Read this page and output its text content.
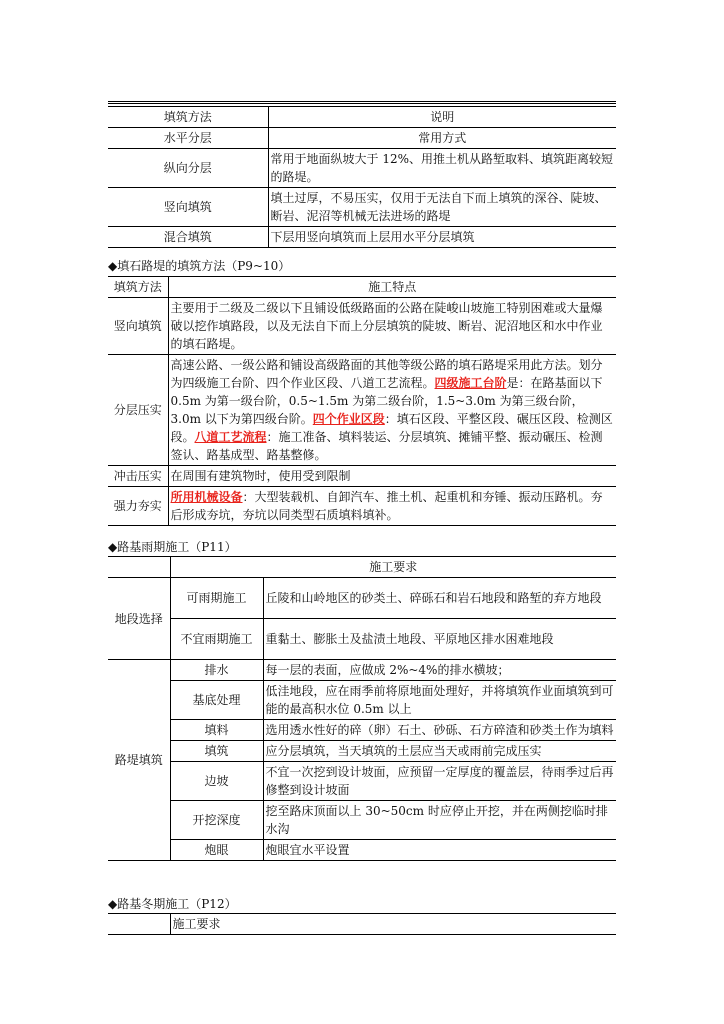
填筑方法	说明
水平分层	常用方式
纵向分层	常用于地面纵坡大于 12%、用推土机从路堑取料、填筑距离较短的路堤。
竖向填筑	填土过厚，不易压实，仅用于无法自下而上填筑的深谷、陡坡、断岩、泥沼等机械无法进场的路堤
混合填筑	下层用竖向填筑而上层用水平分层填筑
◆填石路堤的填筑方法（P9~10）
填筑方法	施工特点
竖向填筑	主要用于二级及二级以下且铺设低级路面的公路在陡峻山坡施工特别困难或大量爆破以挖作填路段，以及无法自下而上分层填筑的陡坡、断岩、泥沼地区和水中作业的填石路堤。
分层压实	高速公路、一级公路和铺设高级路面的其他等级公路的填石路堤采用此方法。划分为四级施工台阶、四个作业区段、八道工艺流程。四级施工台阶是：在路基面以下 0.5m 为第一级台阶，0.5~1.5m 为第二级台阶，1.5~3.0m 为第三级台阶，3.0m 以下为第四级台阶。四个作业区段：填石区段、平整区段、碾压区段、检测区段。八道工艺流程：施工准备、填料装运、分层填筑、摊铺平整、振动碾压、检测签认、路基成型、路基整修。
冲击压实	在周围有建筑物时，使用受到限制
强力夯实	所用机械设备：大型装载机、自卸汽车、推土机、起重机和夯锤、振动压路机。夯后形成夯坑，夯坑以同类型石质填料填补。
◆路基雨期施工（P11）
	施工要求	
地段选择	可雨期施工	丘陵和山岭地区的砂类土、碎砾石和岩石地段和路堑的弃方地段
	不宜雨期施工	重黏土、膨胀土及盐渍土地段、平原地区排水困难地段
路堤填筑	排水	每一层的表面，应做成 2%~4%的排水横坡；
	基底处理	低洼地段，应在雨季前将原地面处理好，并将填筑作业面填筑到可能的最高积水位 0.5m 以上
	填料	选用透水性好的碎（卵）石土、砂砾、石方碎渣和砂类土作为填料
	填筑	应分层填筑，当天填筑的土层应当天或雨前完成压实
	边坡	不宜一次挖到设计坡面，应预留一定厚度的覆盖层，待雨季过后再修整到设计坡面
	开挖深度	挖至路床顶面以上 30~50cm 时应停止开挖，并在两侧挖临时排水沟
	炮眼	炮眼宜水平设置
◆路基冬期施工（P12）
	施工要求
